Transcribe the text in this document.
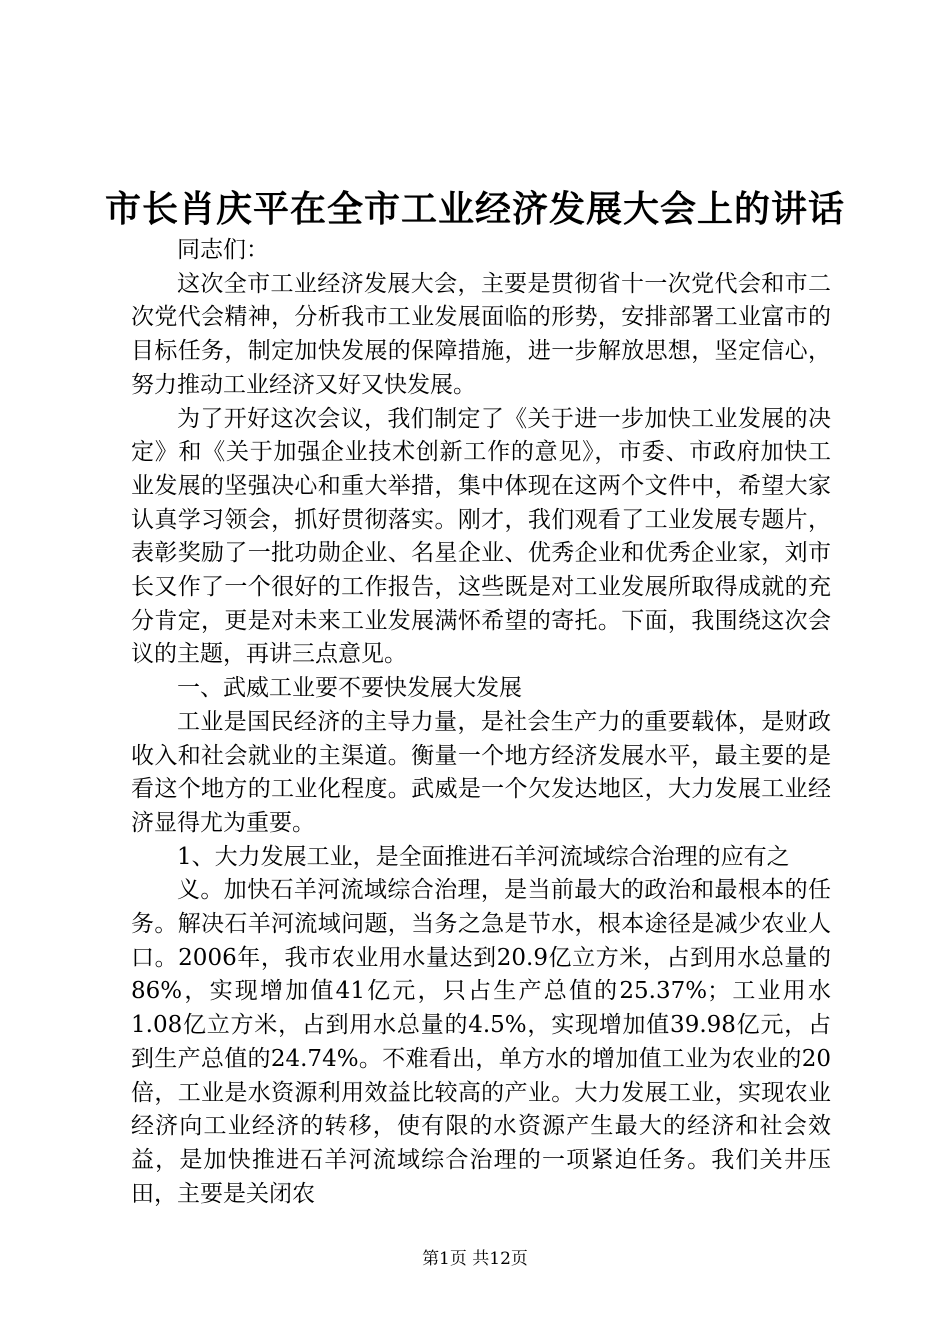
市长肖庆平在全市工业经济发展大会上的讲话

同志们：

这次全市工业经济发展大会，主要是贯彻省十一次党代会和市二次党代会精神，分析我市工业发展面临的形势，安排部署工业富市的目标任务，制定加快发展的保障措施，进一步解放思想，坚定信心，努力推动工业经济又好又快发展。

为了开好这次会议，我们制定了《关于进一步加快工业发展的决定》和《关于加强企业技术创新工作的意见》，市委、市政府加快工业发展的坚强决心和重大举措，集中体现在这两个文件中，希望大家认真学习领会，抓好贯彻落实。刚才，我们观看了工业发展专题片，表彰奖励了一批功勋企业、名星企业、优秀企业和优秀企业家，刘市长又作了一个很好的工作报告，这些既是对工业发展所取得成就的充分肯定，更是对未来工业发展满怀希望的寄托。下面，我围绕这次会议的主题，再讲三点意见。

一、武威工业要不要快发展大发展

工业是国民经济的主导力量，是社会生产力的重要载体，是财政收入和社会就业的主渠道。衡量一个地方经济发展水平，最主要的是看这个地方的工业化程度。武威是一个欠发达地区，大力发展工业经济显得尤为重要。

1、大力发展工业，是全面推进石羊河流域综合治理的应有之

义。加快石羊河流域综合治理，是当前最大的政治和最根本的任务。解决石羊河流域问题，当务之急是节水，根本途径是减少农业人口。2006年，我市农业用水量达到20.9亿立方米，占到用水总量的86%，实现增加值41亿元，只占生产总值的25.37%；工业用水1.08亿立方米，占到用水总量的4.5%，实现增加值39.98亿元，占到生产总值的24.74%。不难看出，单方水的增加值工业为农业的20倍，工业是水资源利用效益比较高的产业。大力发展工业，实现农业经济向工业经济的转移，使有限的水资源产生最大的经济和社会效益，是加快推进石羊河流域综合治理的一项紧迫任务。我们关井压田，主要是关闭农

第1页 共12页
